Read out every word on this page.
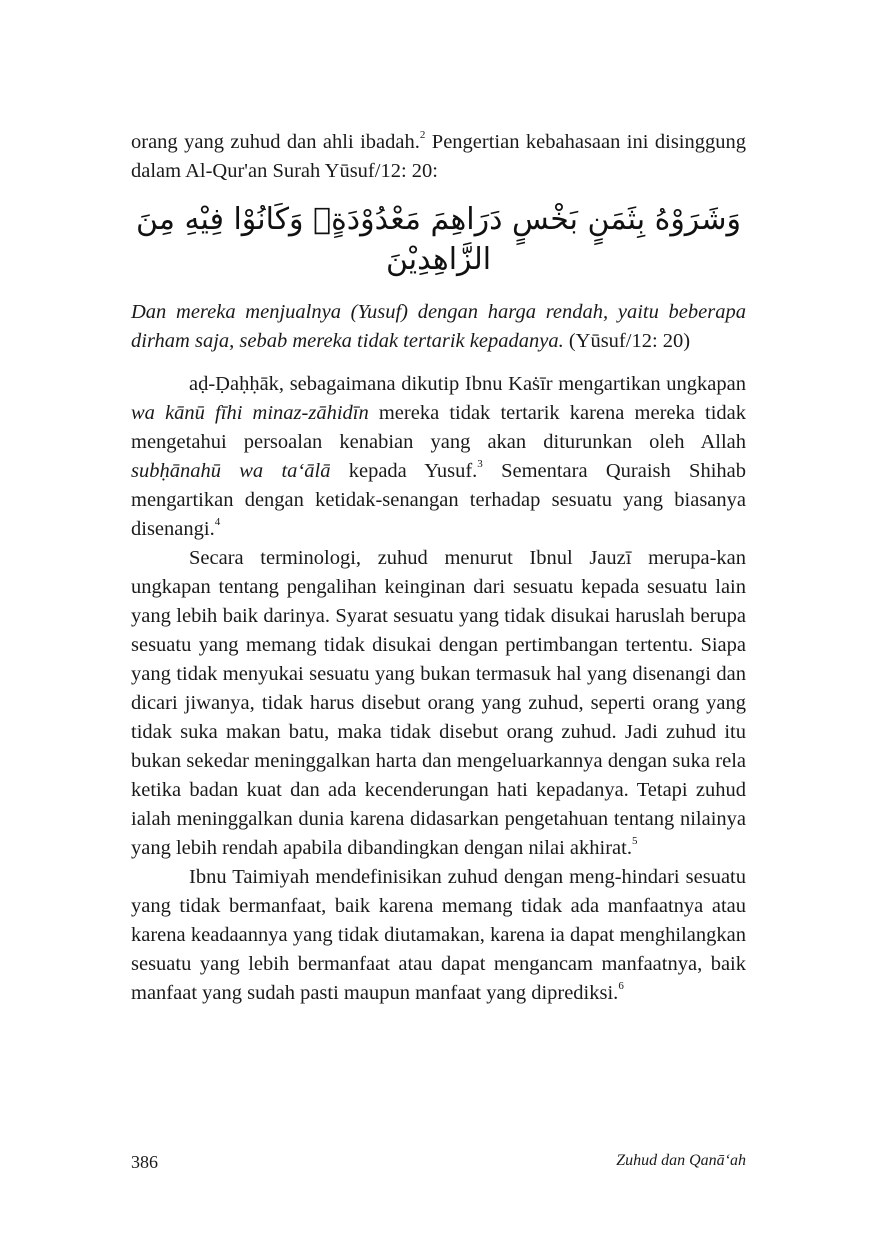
orang yang zuhud dan ahli ibadah.$^2$ Pengertian kebahasaan ini disinggung dalam Al-Qur'an Surah Yūsuf/12: 20:

وَشَرَوْهُ بِثَمَنٍ بَخْسٍ دَرَاهِمَ مَعْدُوْدَةٍۚ وَكَانُوْا فِيْهِ مِنَ الزَّاهِدِيْنَ

Dan mereka menjualnya (Yusuf) dengan harga rendah, yaitu beberapa dirham saja, sebab mereka tidak tertarik kepadanya. (Yūsuf/12: 20)

aḍ-Ḍaḥḥāk, sebagaimana dikutip Ibnu Kaṡīr mengartikan ungkapan wa kānū fīhi minaz-zāhidīn mereka tidak tertarik karena mereka tidak mengetahui persoalan kenabian yang akan diturunkan oleh Allah subḥānahū wa ta‘ālā kepada Yusuf.$^3$ Sementara Quraish Shihab mengartikan dengan ketidak-senangan terhadap sesuatu yang biasanya disenangi.$^4$

Secara terminologi, zuhud menurut Ibnul Jauzī merupa-kan ungkapan tentang pengalihan keinginan dari sesuatu kepada sesuatu lain yang lebih baik darinya. Syarat sesuatu yang tidak disukai haruslah berupa sesuatu yang memang tidak disukai dengan pertimbangan tertentu. Siapa yang tidak menyukai sesuatu yang bukan termasuk hal yang disenangi dan dicari jiwanya, tidak harus disebut orang yang zuhud, seperti orang yang tidak suka makan batu, maka tidak disebut orang zuhud. Jadi zuhud itu bukan sekedar meninggalkan harta dan mengeluarkannya dengan suka rela ketika badan kuat dan ada kecenderungan hati kepadanya. Tetapi zuhud ialah meninggalkan dunia karena didasarkan pengetahuan tentang nilainya yang lebih rendah apabila dibandingkan dengan nilai akhirat.$^5$

Ibnu Taimiyah mendefinisikan zuhud dengan meng-hindari sesuatu yang tidak bermanfaat, baik karena memang tidak ada manfaatnya atau karena keadaannya yang tidak diutamakan, karena ia dapat menghilangkan sesuatu yang lebih bermanfaat atau dapat mengancam manfaatnya, baik manfaat yang sudah pasti maupun manfaat yang diprediksi.$^6$

386	Zuhud dan Qanā‘ah
